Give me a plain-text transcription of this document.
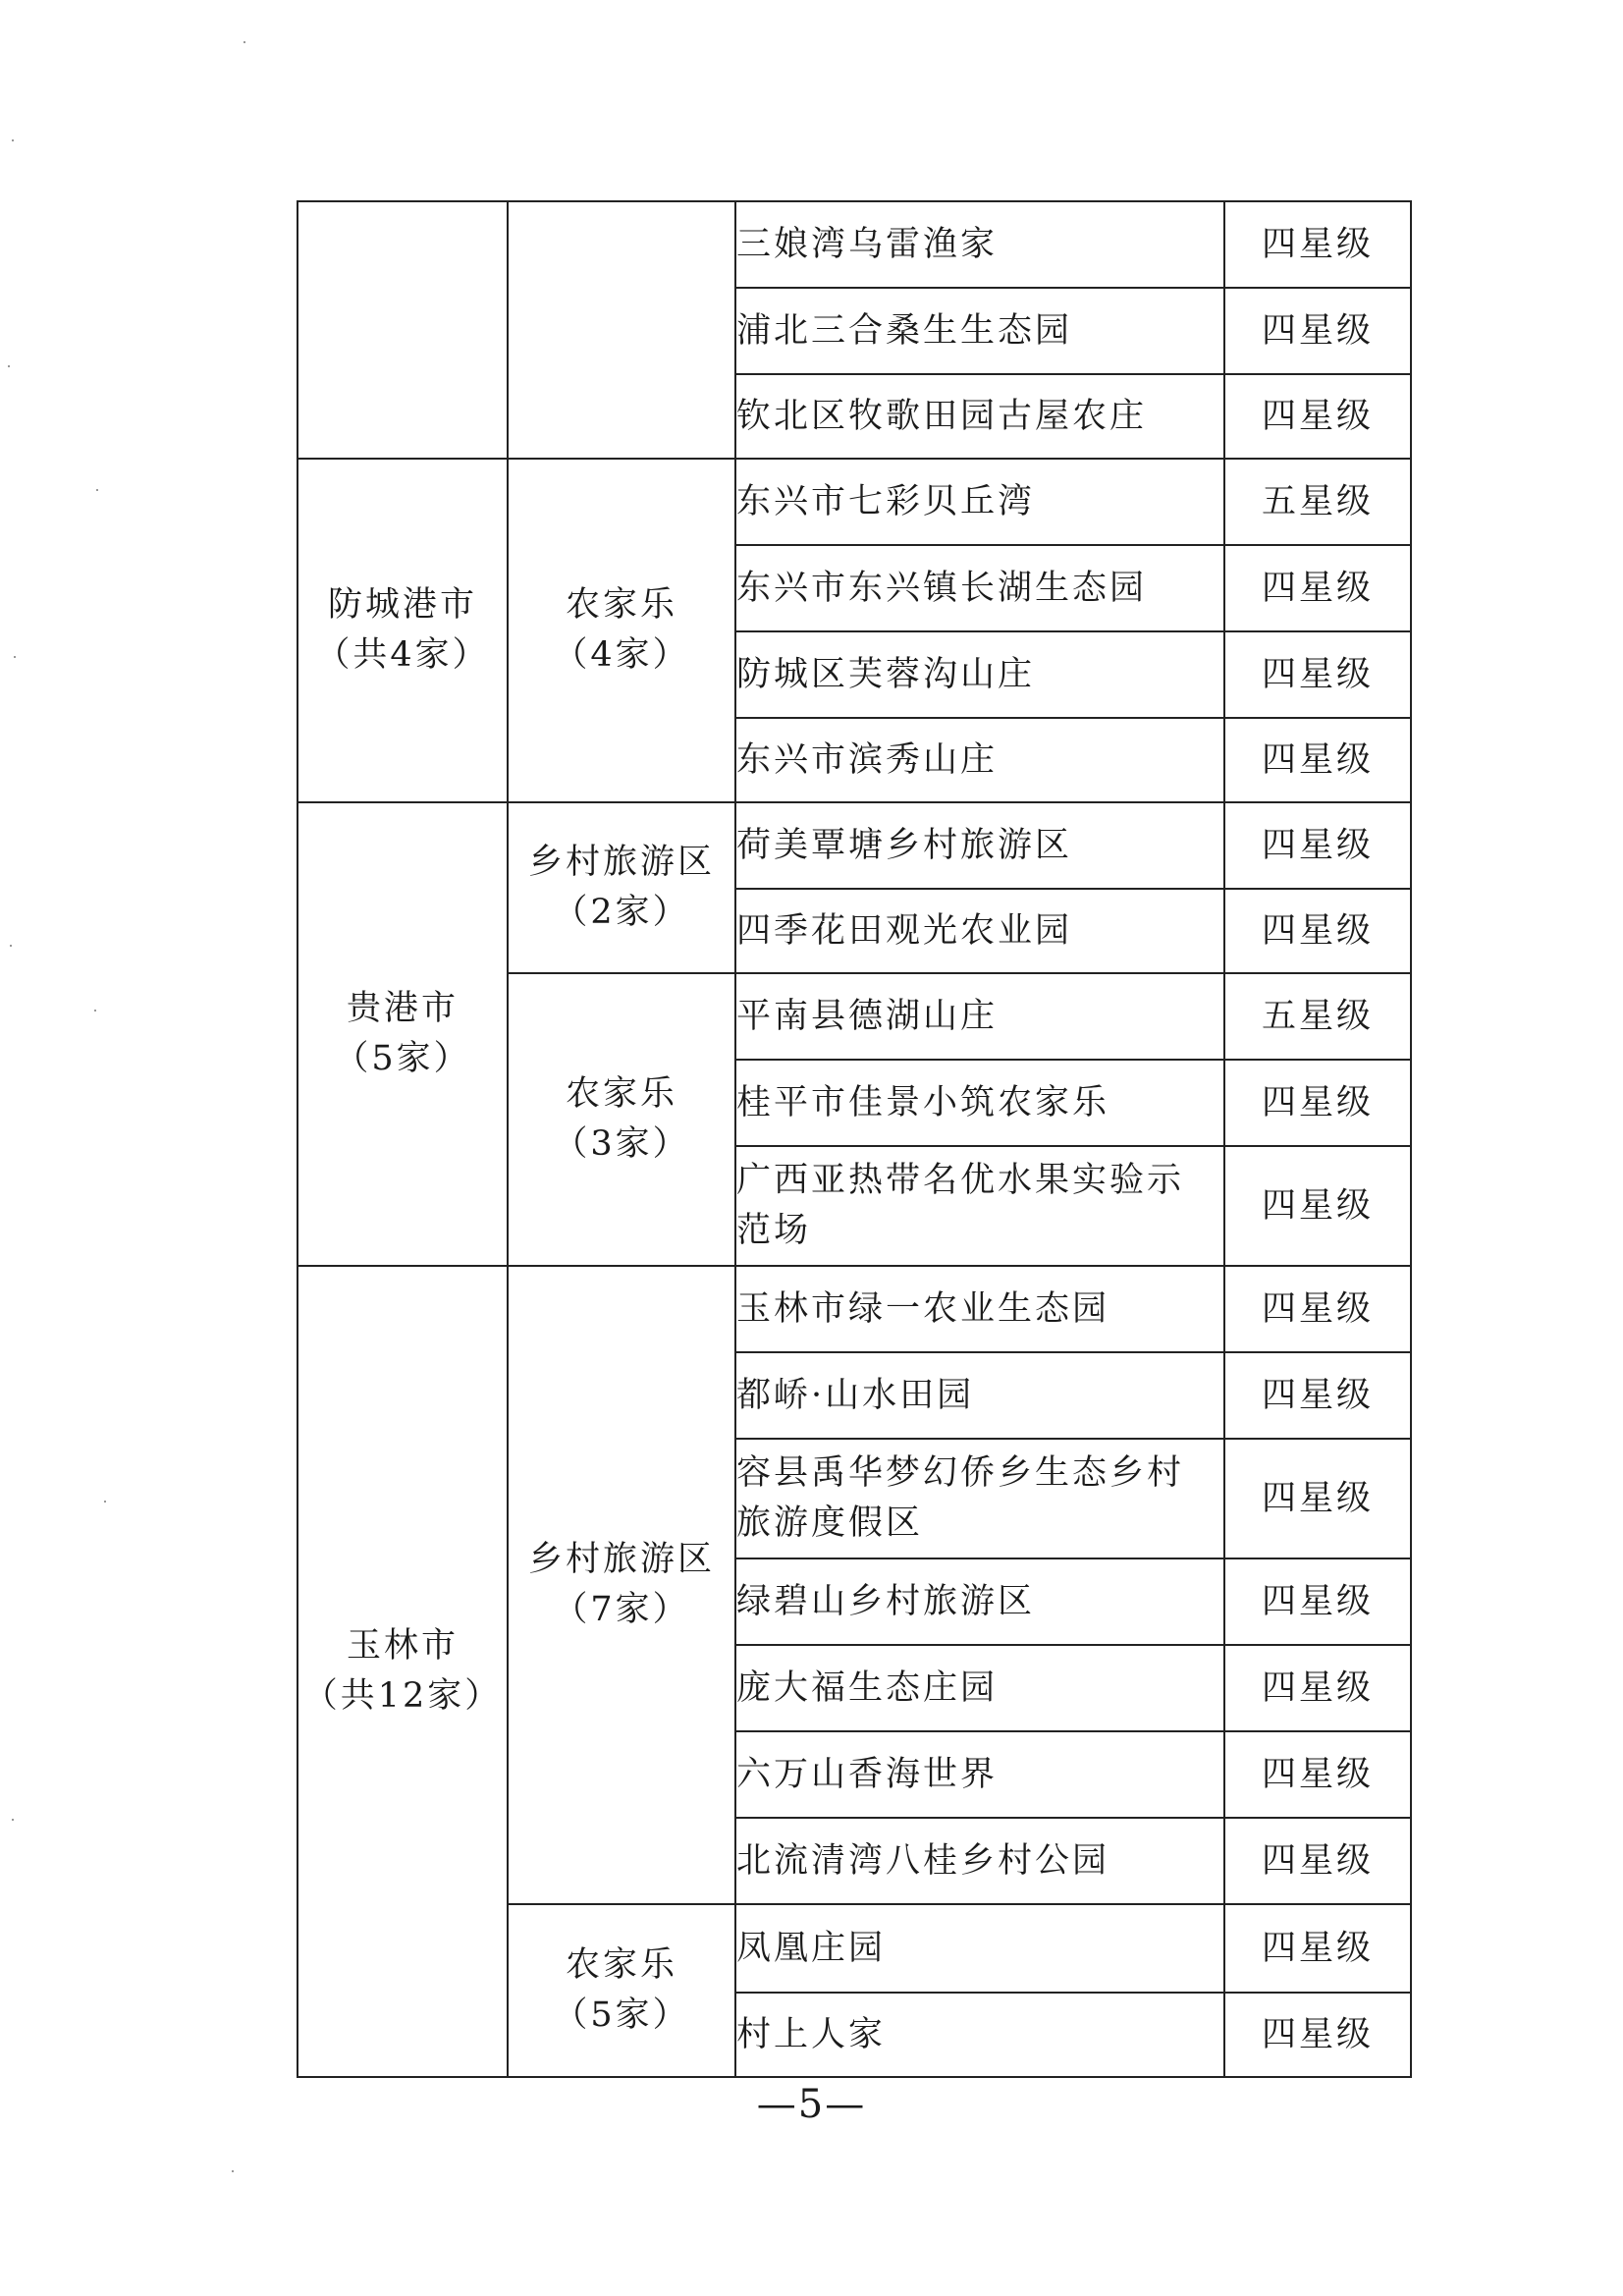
		三娘湾乌雷渔家	四星级

		浦北三合桑生生态园	四星级

		钦北区牧歌田园古屋农庄	四星级

防城港市
（共4家）	农家乐
（4家）	东兴市七彩贝丘湾	五星级

		东兴市东兴镇长湖生态园	四星级

		防城区芙蓉沟山庄	四星级

		东兴市滨秀山庄	四星级

贵港市
（5家）	乡村旅游区
（2家）	荷美覃塘乡村旅游区	四星级

		四季花田观光农业园	四星级

	农家乐
（3家）	平南县德湖山庄	五星级

		桂平市佳景小筑农家乐	四星级

		广西亚热带名优水果实验示
范场	四星级

玉林市
（共12家）	乡村旅游区
（7家）	玉林市绿一农业生态园	四星级

		都峤·山水田园	四星级

		容县禹华梦幻侨乡生态乡村
旅游度假区	四星级

		绿碧山乡村旅游区	四星级

		庞大福生态庄园	四星级

		六万山香海世界	四星级

		北流清湾八桂乡村公园	四星级

	农家乐
（5家）	凤凰庄园	四星级

		村上人家	四星级
—5—
